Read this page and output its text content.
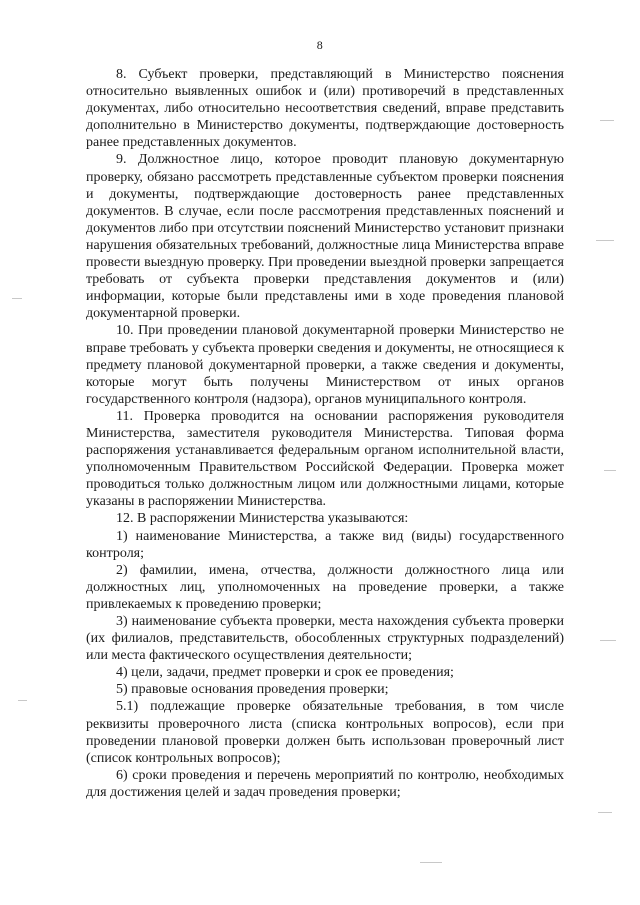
8

8. Субъект проверки, представляющий в Министерство пояснения относительно выявленных ошибок и (или) противоречий в представленных документах, либо относительно несоответствия сведений, вправе представить дополнительно в Министерство документы, подтверждающие достоверность ранее представленных документов.

9. Должностное лицо, которое проводит плановую документарную проверку, обязано рассмотреть представленные субъектом проверки пояснения и документы, подтверждающие достоверность ранее представленных документов. В случае, если после рассмотрения представленных пояснений и документов либо при отсутствии пояснений Министерство установит признаки нарушения обязательных требований, должностные лица Министерства вправе провести выездную проверку. При проведении выездной проверки запрещается требовать от субъекта проверки представления документов и (или) информации, которые были представлены ими в ходе проведения плановой документарной проверки.

10. При проведении плановой документарной проверки Министерство не вправе требовать у субъекта проверки сведения и документы, не относящиеся к предмету плановой документарной проверки, а также сведения и документы, которые могут быть получены Министерством от иных органов государственного контроля (надзора), органов муниципального контроля.

11. Проверка проводится на основании распоряжения руководителя Министерства, заместителя руководителя Министерства. Типовая форма распоряжения устанавливается федеральным органом исполнительной власти, уполномоченным Правительством Российской Федерации. Проверка может проводиться только должностным лицом или должностными лицами, которые указаны в распоряжении Министерства.

12. В распоряжении Министерства указываются:

1) наименование Министерства, а также вид (виды) государственного контроля;

2) фамилии, имена, отчества, должности должностного лица или должностных лиц, уполномоченных на проведение проверки, а также привлекаемых к проведению проверки;

3) наименование субъекта проверки, места нахождения субъекта проверки (их филиалов, представительств, обособленных структурных подразделений) или места фактического осуществления деятельности;

4) цели, задачи, предмет проверки и срок ее проведения;

5) правовые основания проведения проверки;

5.1) подлежащие проверке обязательные требования, в том числе реквизиты проверочного листа (списка контрольных вопросов), если при проведении плановой проверки должен быть использован проверочный лист (список контрольных вопросов);

6) сроки проведения и перечень мероприятий по контролю, необходимых для достижения целей и задач проведения проверки;
